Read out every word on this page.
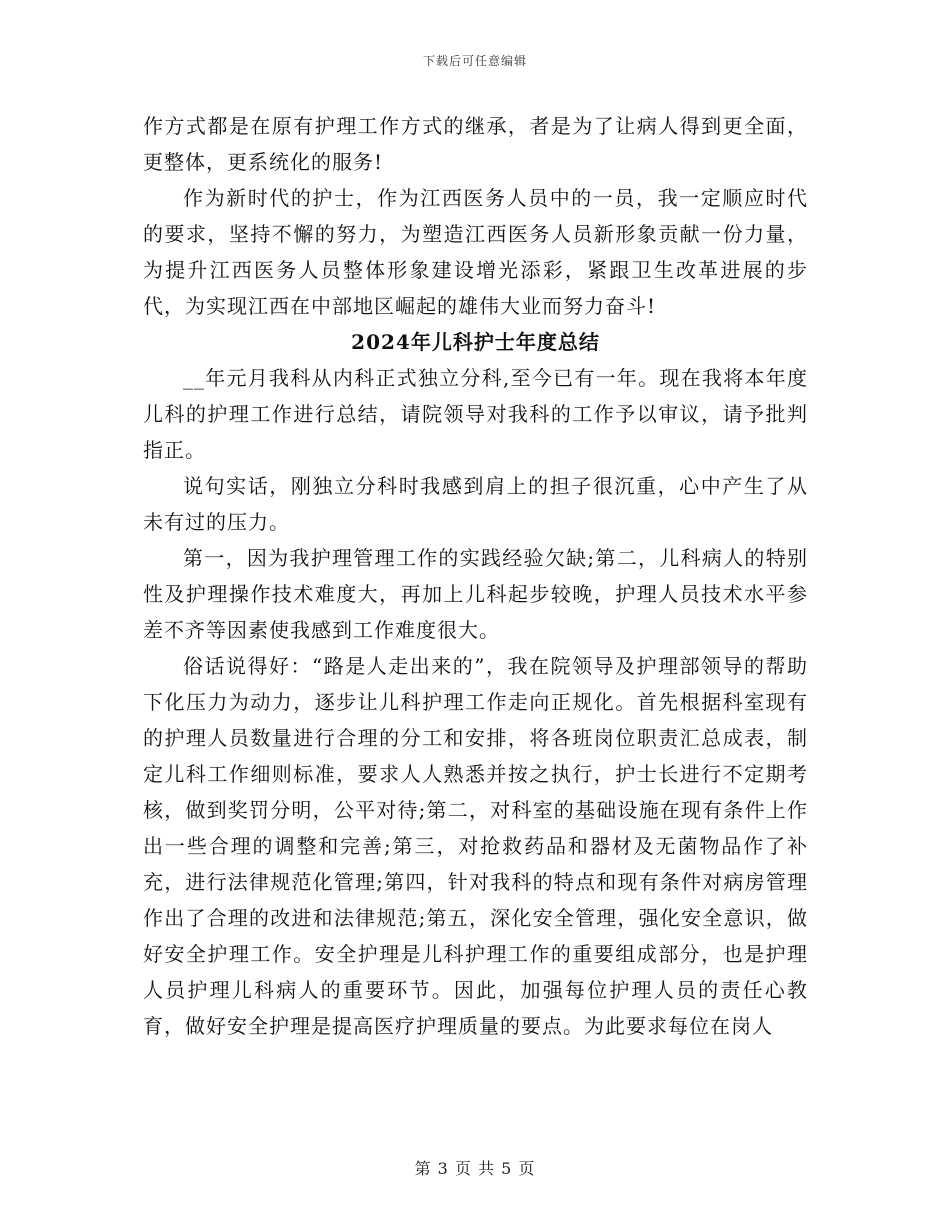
下载后可任意编辑

作方式都是在原有护理工作方式的继承，者是为了让病人得到更全面，更整体，更系统化的服务!

作为新时代的护士，作为江西医务人员中的一员，我一定顺应时代的要求，坚持不懈的努力，为塑造江西医务人员新形象贡献一份力量，为提升江西医务人员整体形象建设增光添彩，紧跟卫生改革进展的步代，为实现江西在中部地区崛起的雄伟大业而努力奋斗!

2024年儿科护士年度总结

__年元月我科从内科正式独立分科,至今已有一年。现在我将本年度儿科的护理工作进行总结，请院领导对我科的工作予以审议，请予批判指正。

说句实话，刚独立分科时我感到肩上的担子很沉重，心中产生了从未有过的压力。

第一，因为我护理管理工作的实践经验欠缺;第二，儿科病人的特别性及护理操作技术难度大，再加上儿科起步较晚，护理人员技术水平参差不齐等因素使我感到工作难度很大。

俗话说得好：“路是人走出来的”，我在院领导及护理部领导的帮助下化压力为动力，逐步让儿科护理工作走向正规化。首先根据科室现有的护理人员数量进行合理的分工和安排，将各班岗位职责汇总成表，制定儿科工作细则标准，要求人人熟悉并按之执行，护士长进行不定期考核，做到奖罚分明，公平对待;第二，对科室的基础设施在现有条件上作出一些合理的调整和完善;第三，对抢救药品和器材及无菌物品作了补充，进行法律规范化管理;第四，针对我科的特点和现有条件对病房管理作出了合理的改进和法律规范;第五，深化安全管理，强化安全意识，做好安全护理工作。安全护理是儿科护理工作的重要组成部分，也是护理人员护理儿科病人的重要环节。因此，加强每位护理人员的责任心教育，做好安全护理是提高医疗护理质量的要点。为此要求每位在岗人

第 3 页 共 5 页
